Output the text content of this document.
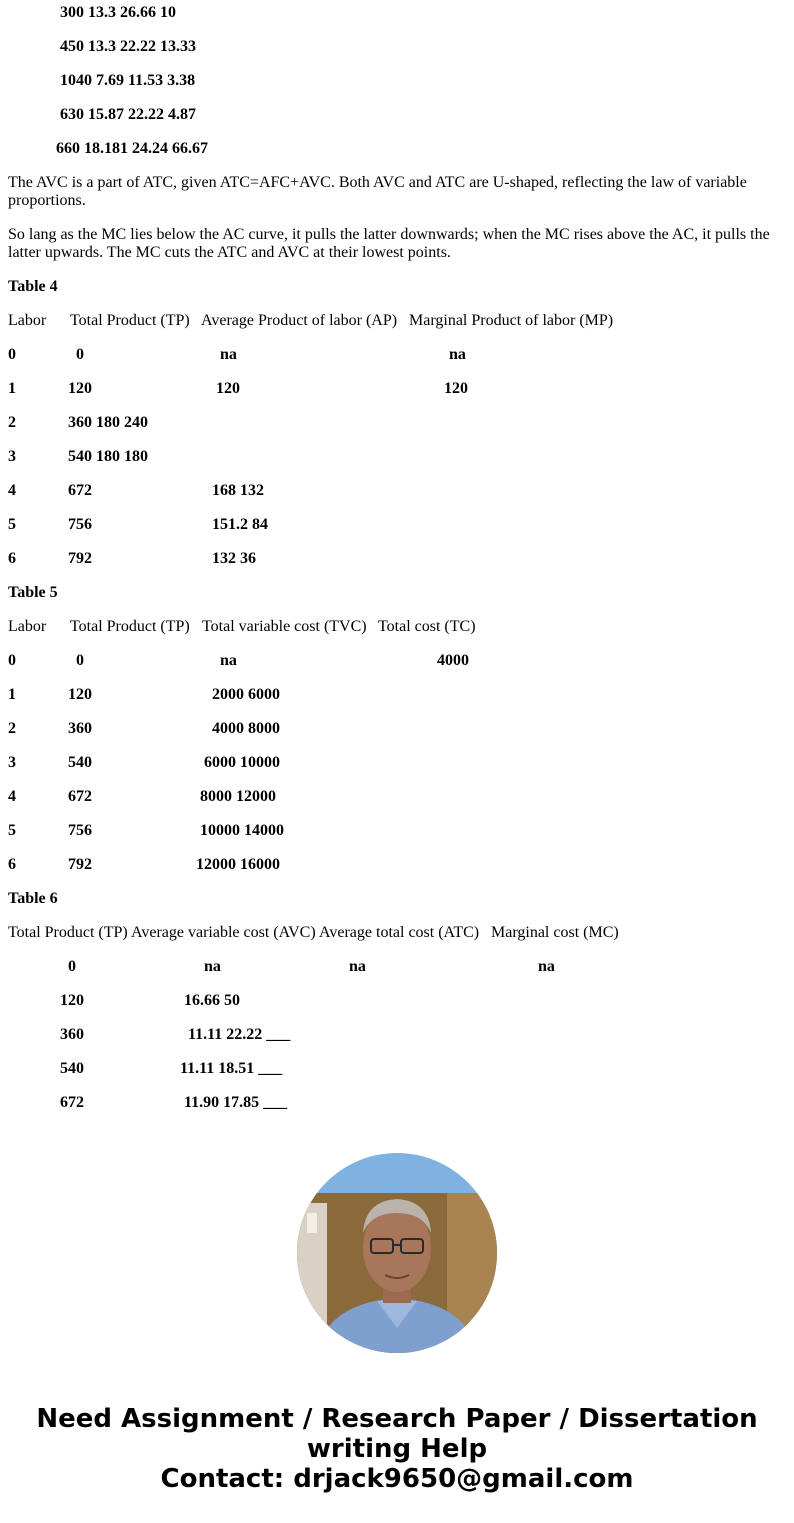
300 13.3 26.66 10

450 13.3 22.22 13.33

1040 7.69 11.53 3.38

630 15.87 22.22 4.87

660 18.181 24.24 66.67

The AVC is a part of ATC, given ATC=AFC+AVC. Both AVC and ATC are U-shaped, reflecting the law of variable proportions.

So lang as the MC lies below the AC curve, it pulls the latter downwards; when the MC rises above the AC, it pulls the latter upwards. The MC cuts the ATC and AVC at their lowest points.

Table 4

Labor Total Product (TP) Average Product of labor (AP) Marginal Product of labor (MP)

0	0	na	na

1	120	120	120

2	360 180 240

3	540 180 180

4	672	168 132

5	756	151.2 84

6	792	132 36

Table 5

Labor Total Product (TP) Total variable cost (TVC) Total cost (TC)

0	0	na	4000

1	120	2000 6000

2	360	4000 8000

3	540	6000 10000

4	672	8000 12000

5	756	10000 14000

6	792	12000 16000

Table 6

Total Product (TP) Average variable cost (AVC) Average total cost (ATC) Marginal cost (MC)

0	na	na	na

120	16.66 50

360	11.11 22.22 ___

540	11.11 18.51 ___

672	11.90 17.85 ___

Need Assignment / Research Paper / Dissertation

writing Help

Contact: drjack9650@gmail.com
